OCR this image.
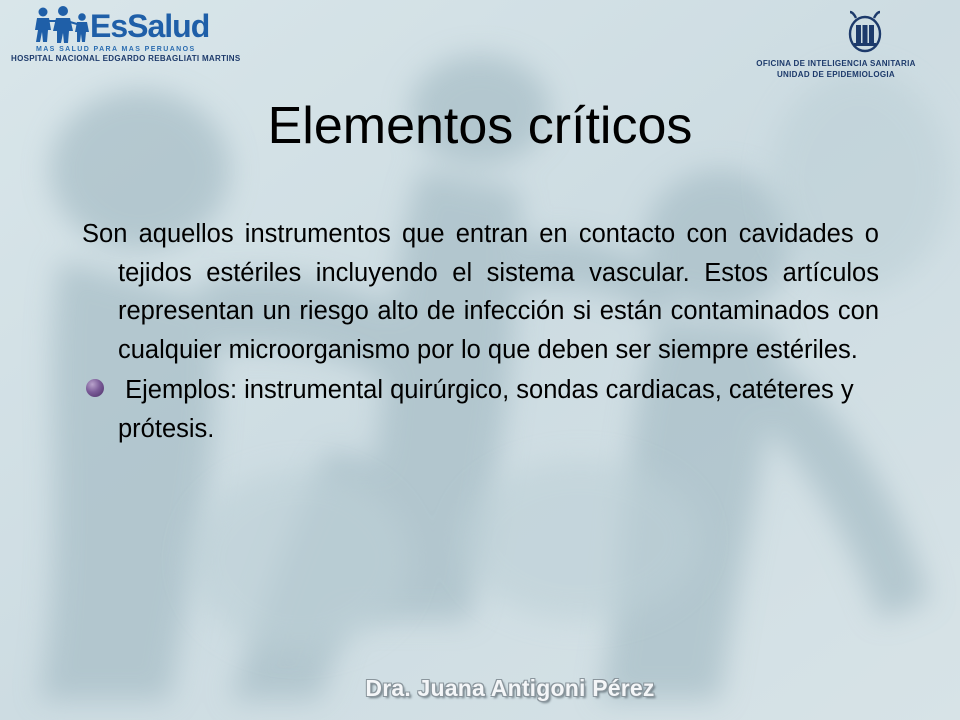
EsSalud
MAS SALUD PARA MAS PERUANOS
HOSPITAL NACIONAL EDGARDO REBAGLIATI MARTINS
OFICINA DE INTELIGENCIA SANITARIA
UNIDAD DE EPIDEMIOLOGIA
Elementos críticos

Son aquellos instrumentos que entran en contacto con cavidades o tejidos estériles incluyendo el sistema vascular. Estos artículos representan un riesgo alto de infección si están contaminados con cualquier microorganismo por lo que deben ser siempre estériles.

Ejemplos: instrumental quirúrgico, sondas cardiacas, catéteres y prótesis.

Dra. Juana Antigoni Pérez
